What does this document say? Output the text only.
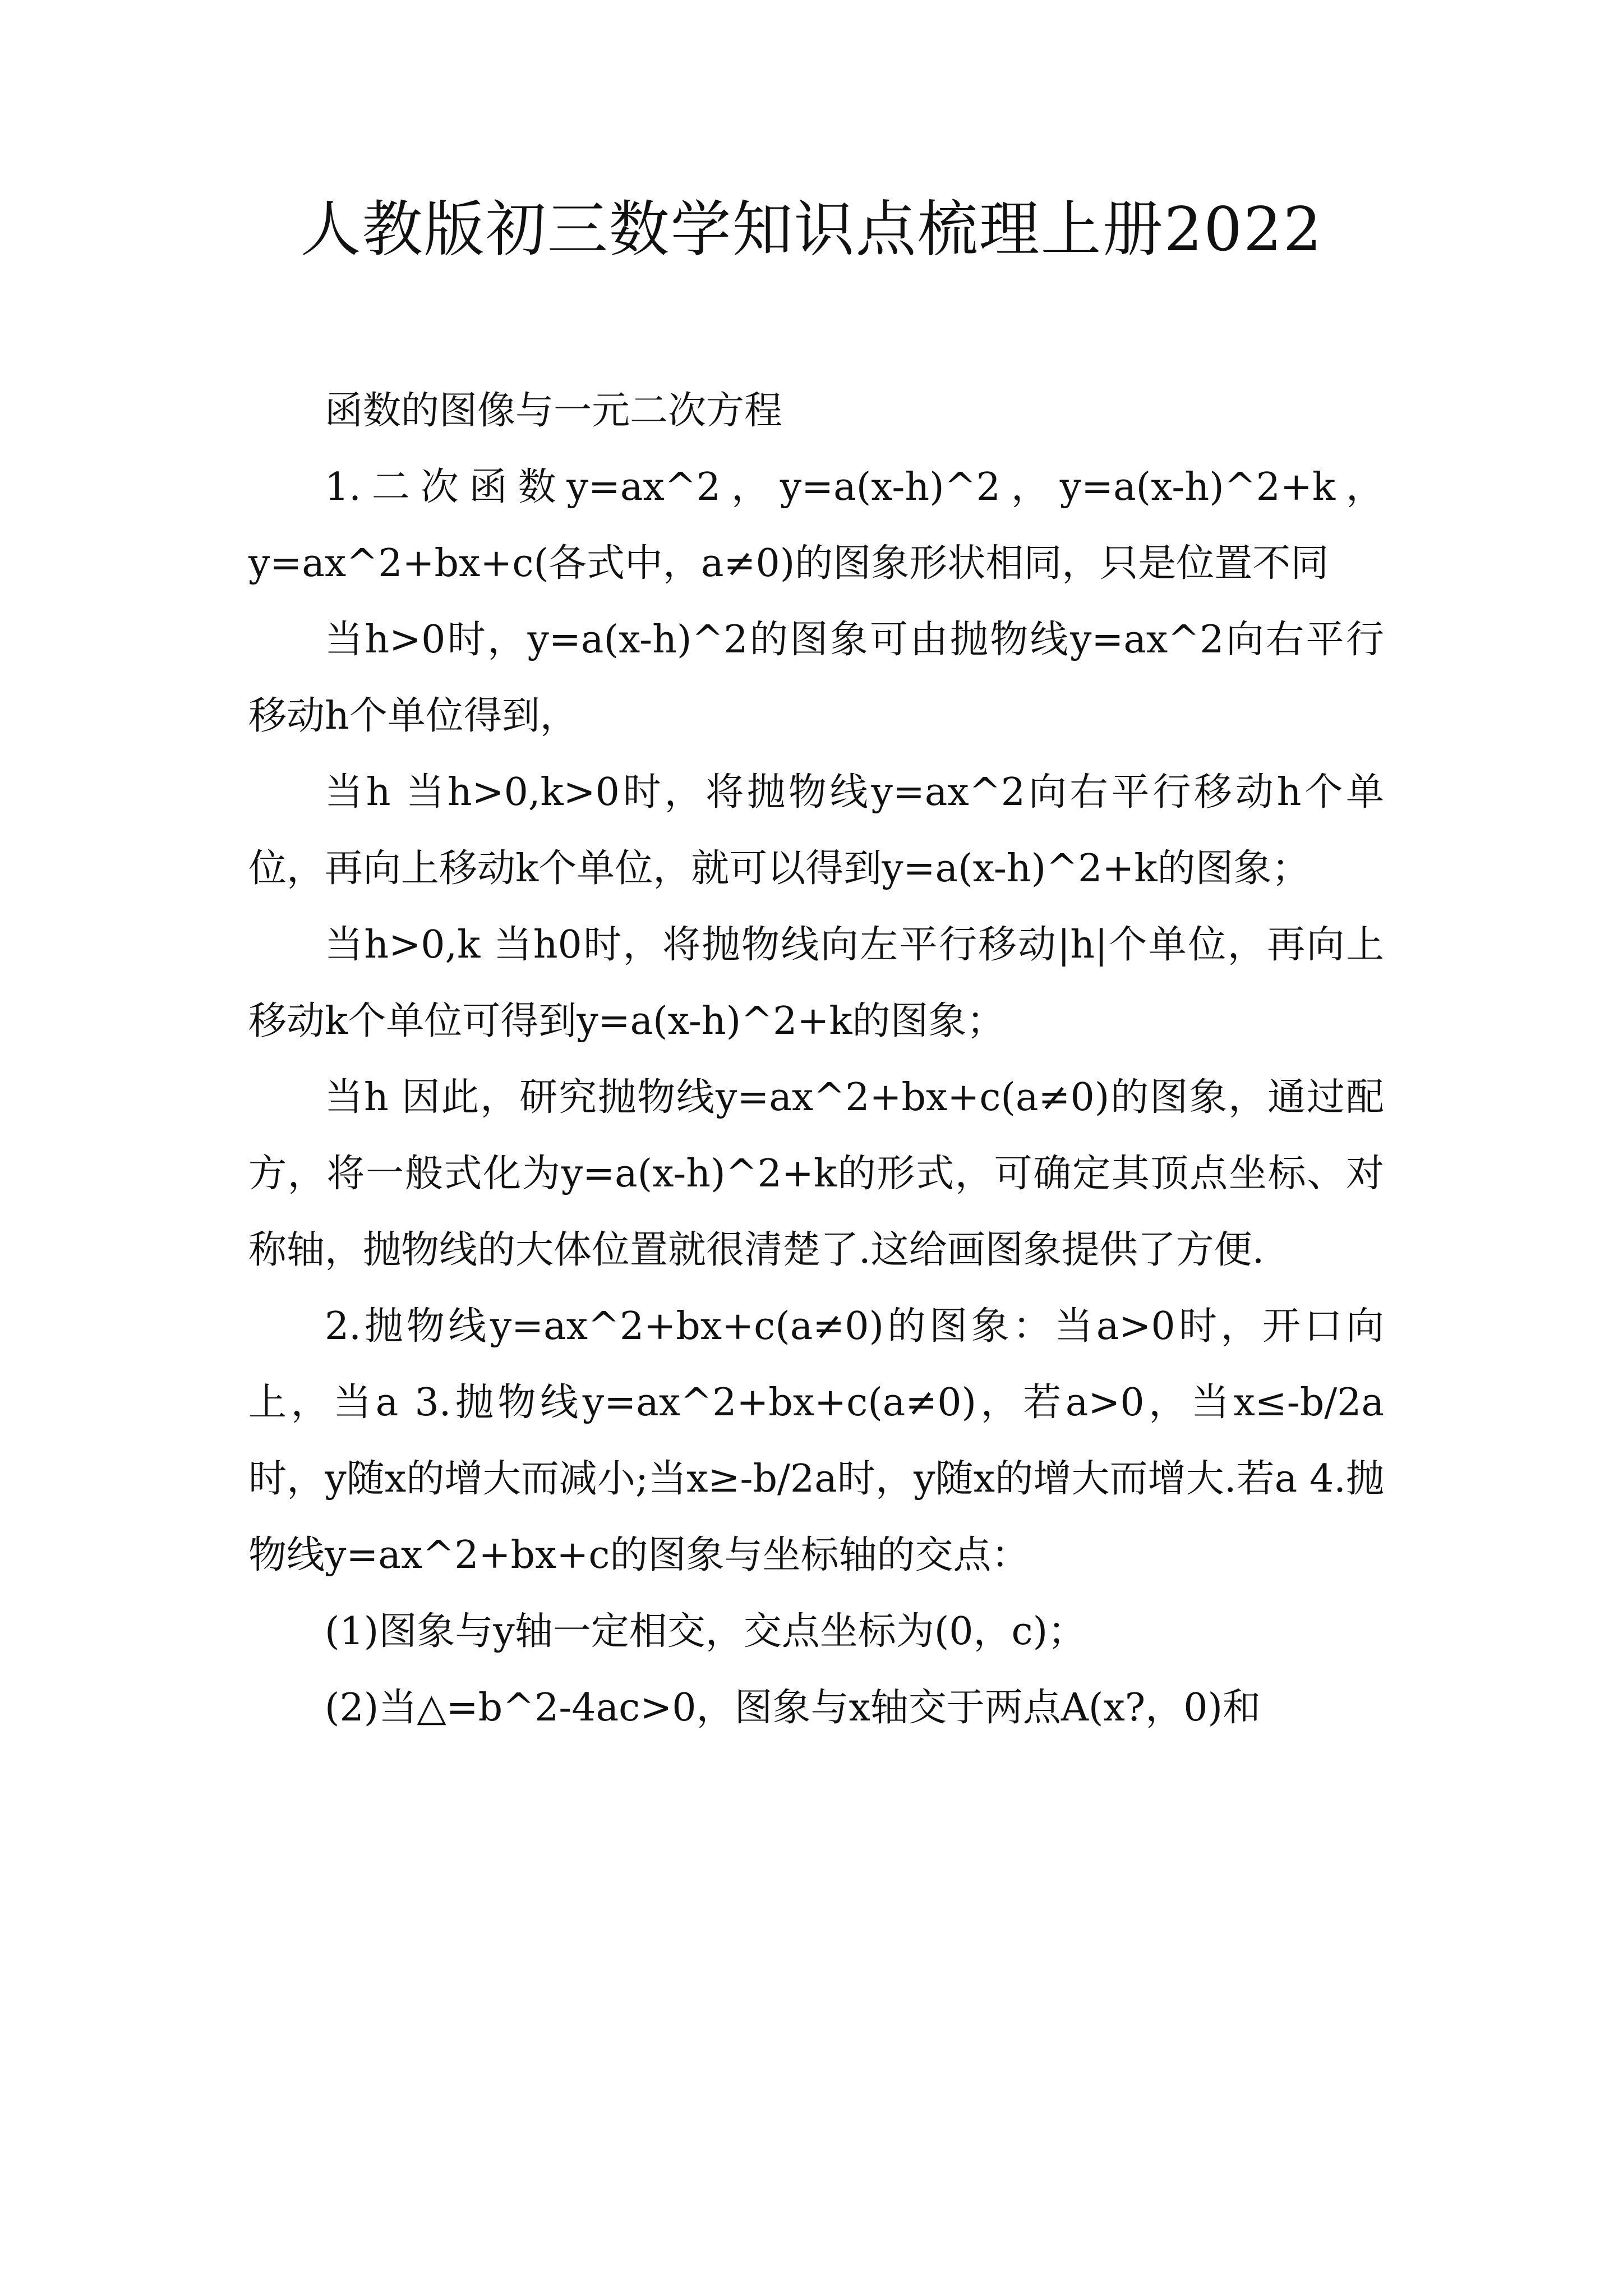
人教版初三数学知识点梳理上册2022

函数的图像与一元二次方程

1.二次函数y=ax^2，y=a(x-h)^2，y=a(x-h)^2+k，y=ax^2+bx+c(各式中，a≠0)的图象形状相同，只是位置不同

当h>0时，y=a(x-h)^2的图象可由抛物线y=ax^2向右平行移动h个单位得到，

当h 当h>0,k>0时，将抛物线y=ax^2向右平行移动h个单位，再向上移动k个单位，就可以得到y=a(x-h)^2+k的图象；

当h>0,k 当h0时，将抛物线向左平行移动|h|个单位，再向上移动k个单位可得到y=a(x-h)^2+k的图象；

当h 因此，研究抛物线y=ax^2+bx+c(a≠0)的图象，通过配方，将一般式化为y=a(x-h)^2+k的形式，可确定其顶点坐标、对称轴，抛物线的大体位置就很清楚了.这给画图象提供了方便.

2.抛物线y=ax^2+bx+c(a≠0)的图象：当a>0时，开口向上，当a 3.抛物线y=ax^2+bx+c(a≠0)，若a>0，当x≤-b/2a时，y随x的增大而减小;当x≥-b/2a时，y随x的增大而增大.若a 4.抛物线y=ax^2+bx+c的图象与坐标轴的交点：

(1)图象与y轴一定相交，交点坐标为(0，c)；

(2)当△=b^2-4ac>0，图象与x轴交于两点A(x?，0)和
